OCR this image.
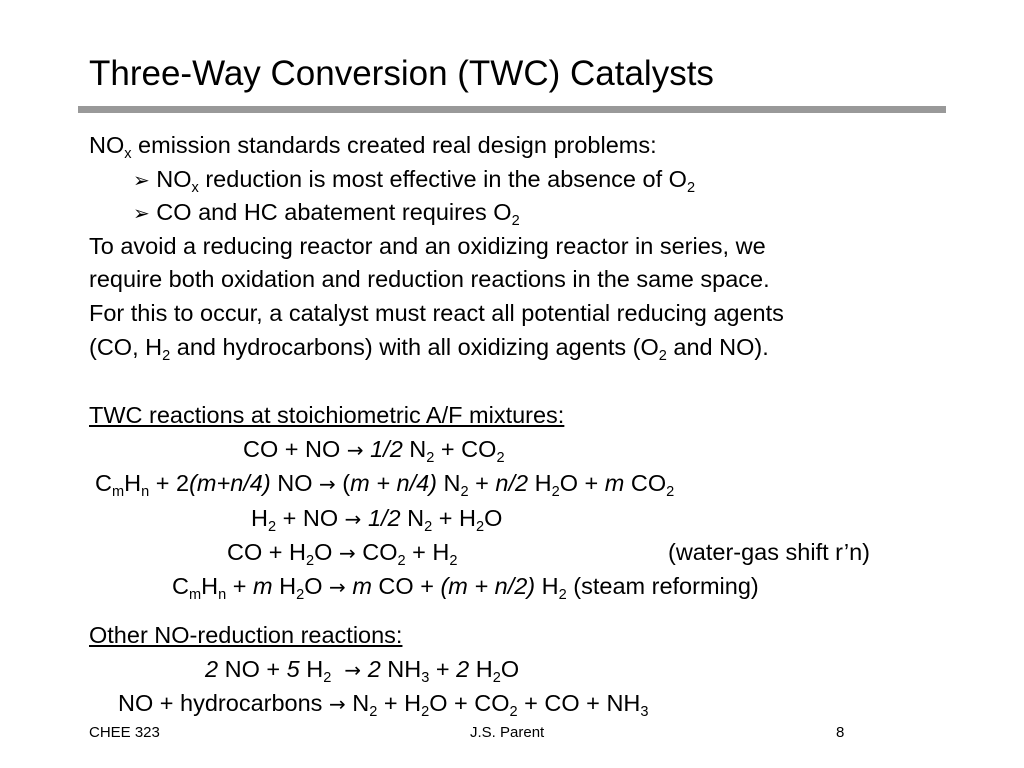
Three-Way Conversion (TWC) Catalysts
$NO_x$ emission standards created real design problems:
➢ $NO_x$ reduction is most effective in the absence of $O_2$
➢ CO and HC abatement requires $O_2$
To avoid a reducing reactor and an oxidizing reactor in series, we
require both oxidation and reduction reactions in the same space.
For this to occur, a catalyst must react all potential reducing agents
(CO, $H_2$ and hydrocarbons) with all oxidizing agents ($O_2$ and NO).
TWC reactions at stoichiometric A/F mixtures:
CO + NO → 1/2 $N_2 + CO_2$
$C_mH_n + 2(m+n/4)$ NO → (m + n/4) $N_2 + n/2$ $H_2O + m$ $CO_2$
$H_2$ + NO → 1/2 $N_2 + H_2O$
CO + $H_2O \to CO_2 + H_2$	(water-gas shift r’n)
$C_mH_n + m$ $H_2O \to m$ CO + (m + n/2) $H_2$ (steam reforming)
Other NO-reduction reactions:
2 NO + 5 $H_2 \to 2$ $NH_3 + 2$ $H_2O$
NO + hydrocarbons → $N_2 + H_2O + CO_2$ + CO + $NH_3$
CHEE 323	J.S. Parent	8
